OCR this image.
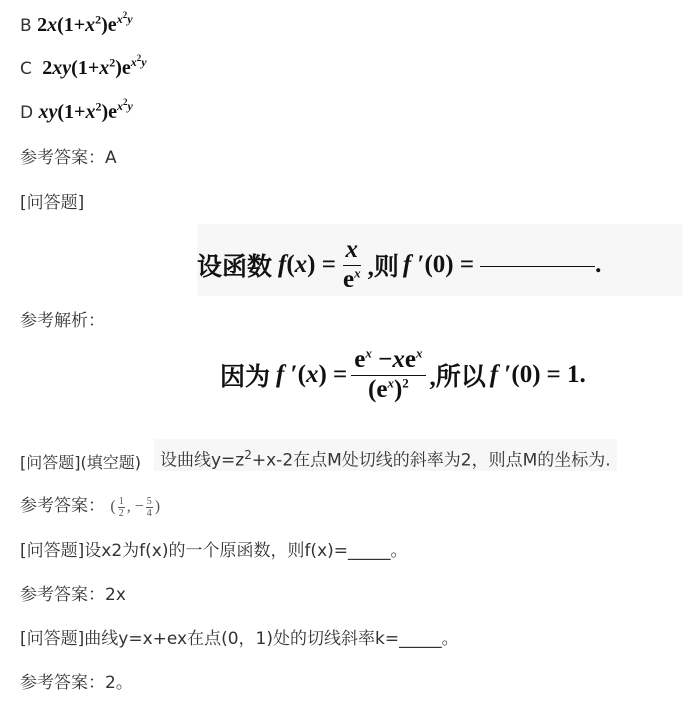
B $2x(1+x^2)e^{x^2y}$
C  $2xy(1+x^2)e^{x^2y}$
D $xy(1+x^2)e^{x^2y}$
参考答案：A
[问答题]
设函数 $f(x) = \frac{x}{e^x}$ ,则 f ′(0) =	.
参考解析：
因为 f $'(x) = \frac{e^x -xe^x}{(e^x)^2}$ ,所以 f ′(0) = 1.
[问答题](填空题)	设曲线$y=z^2+x-2$在点M处切线的斜率为2，则点M的坐标为.
参考答案： ( $\frac{1}{2}$ , − $\frac{5}{4}$ )
[问答题]设x2为f(x)的一个原函数，则f(x)=_____。
参考答案：2x
[问答题]曲线y=x+ex在点(0，1)处的切线斜率k=_____。
参考答案：2。
